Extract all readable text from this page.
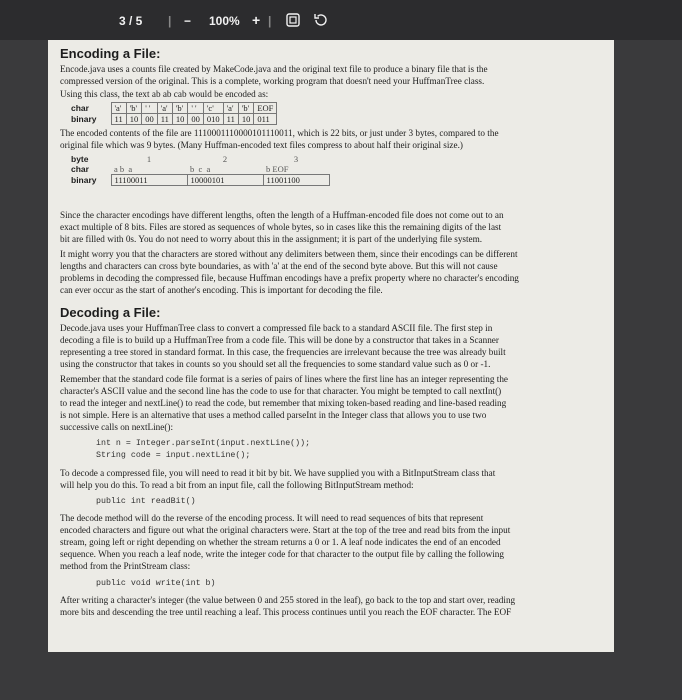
3 / 5 | − 100% + |
Encoding a File:

Encode.java uses a counts file created by MakeCode.java and the original text file to produce a binary file that is the

compressed version of the original. This is a complete, working program that doesn't need your HuffmanTree class.

Using this class, the text ab ab cab would be encoded as:

char	'a'	'b'	' '	'a'	'b'	' '	'c'	'a'	'b'	EOF
binary	11	10	00	11	10	00	010	11	10	011

The encoded contents of the file are 1110001110000101110011, which is 22 bits, or just under 3 bytes, compared to the

original file which was 9 bytes. (Many Huffman-encoded text files compress to about half their original size.)

byte	1	2	3
char	a b  a	b  c  a	b EOF
binary	11100011	10000101	11001100

Since the character encodings have different lengths, often the length of a Huffman-encoded file does not come out to an

exact multiple of 8 bits. Files are stored as sequences of whole bytes, so in cases like this the remaining digits of the last

bit are filled with 0s. You do not need to worry about this in the assignment; it is part of the underlying file system.

It might worry you that the characters are stored without any delimiters between them, since their encodings can be different

lengths and characters can cross byte boundaries, as with 'a' at the end of the second byte above. But this will not cause

problems in decoding the compressed file, because Huffman encodings have a prefix property where no character's encoding

can ever occur as the start of another's encoding. This is important for decoding the file.

Decoding a File:

Decode.java uses your HuffmanTree class to convert a compressed file back to a standard ASCII file. The first step in

decoding a file is to build up a HuffmanTree from a code file. This will be done by a constructor that takes in a Scanner

representing a tree stored in standard format. In this case, the frequencies are irrelevant because the tree was already built

using the constructor that takes in counts so you should set all the frequencies to some standard value such as 0 or -1.

Remember that the standard code file format is a series of pairs of lines where the first line has an integer representing the

character's ASCII value and the second line has the code to use for that character. You might be tempted to call nextInt()

to read the integer and nextLine() to read the code, but remember that mixing token-based reading and line-based reading

is not simple. Here is an alternative that uses a method called parseInt in the Integer class that allows you to use two

successive calls on nextLine():

int n = Integer.parseInt(input.nextLine());
String code = input.nextLine();

To decode a compressed file, you will need to read it bit by bit. We have supplied you with a BitInputStream class that

will help you do this. To read a bit from an input file, call the following BitInputStream method:

public int readBit()

The decode method will do the reverse of the encoding process. It will need to read sequences of bits that represent

encoded characters and figure out what the original characters were. Start at the top of the tree and read bits from the input

stream, going left or right depending on whether the stream returns a 0 or 1. A leaf node indicates the end of an encoded

sequence. When you reach a leaf node, write the integer code for that character to the output file by calling the following

method from the PrintStream class:

public void write(int b)

After writing a character's integer (the value between 0 and 255 stored in the leaf), go back to the top and start over, reading

more bits and descending the tree until reaching a leaf. This process continues until you reach the EOF character. The EOF
